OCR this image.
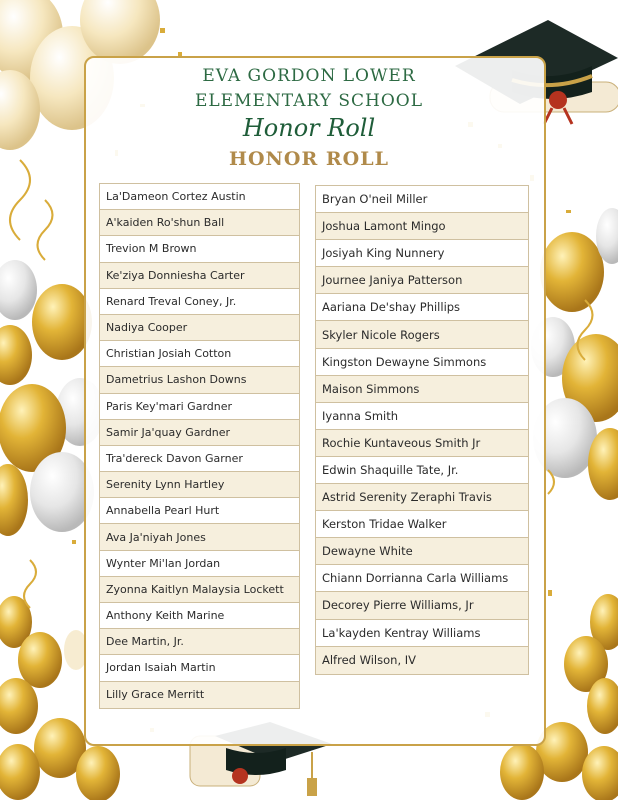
EVA GORDON LOWER
ELEMENTARY SCHOOL
Honor Roll
HONOR ROLL
La'Dameon Cortez Austin
A'kaiden Ro'shun Ball
Trevion M Brown
Ke'ziya Donniesha Carter
Renard Treval Coney, Jr.
Nadiya Cooper
Christian Josiah Cotton
Dametrius Lashon Downs
Paris Key'mari Gardner
Samir Ja'quay Gardner
Tra'dereck Davon Garner
Serenity Lynn Hartley
Annabella Pearl Hurt
Ava Ja'niyah Jones
Wynter Mi'lan Jordan
Zyonna Kaitlyn Malaysia Lockett
Anthony Keith Marine
Dee Martin, Jr.
Jordan Isaiah Martin
Lilly Grace Merritt
Bryan O'neil Miller
Joshua Lamont Mingo
Josiyah King Nunnery
Journee Janiya Patterson
Aariana De'shay Phillips
Skyler Nicole Rogers
Kingston Dewayne Simmons
Maison Simmons
Iyanna Smith
Rochie Kuntaveous Smith Jr
Edwin Shaquille Tate, Jr.
Astrid Serenity Zeraphi Travis
Kerston Tridae Walker
Dewayne White
Chiann Dorrianna Carla Williams
Decorey Pierre Williams, Jr
La'kayden Kentray Williams
Alfred Wilson, IV
